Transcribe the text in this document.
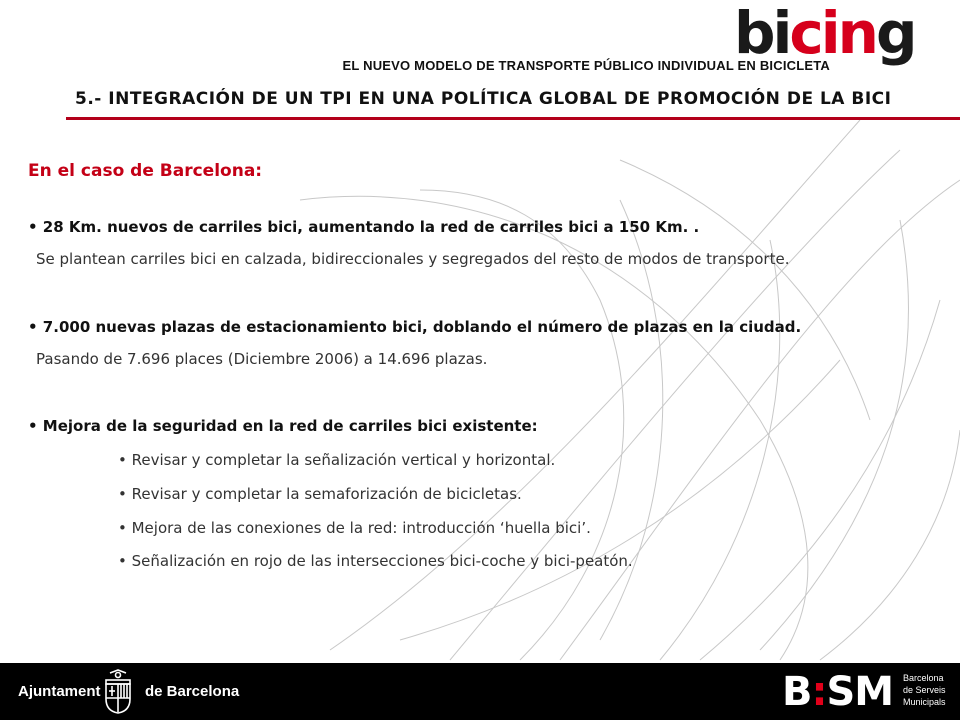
bicing
EL NUEVO MODELO DE TRANSPORTE PÚBLICO INDIVIDUAL EN BICICLETA
5.- INTEGRACIÓN DE UN TPI EN UNA POLÍTICA GLOBAL DE PROMOCIÓN DE LA BICI
En el caso de Barcelona:
• 28 Km. nuevos de carriles bici, aumentando la red de carriles bici a 150 Km. .
Se plantean carriles bici en calzada, bidireccionales y segregados del resto de modos de transporte.
• 7.000 nuevas plazas de estacionamiento bici, doblando el número de plazas en la ciudad.
Pasando de 7.696 places (Diciembre 2006) a 14.696 plazas.
• Mejora de la seguridad en la red de carriles bici existente:
• Revisar y completar la señalización vertical y horizontal.
• Revisar y completar la semaforización de bicicletas.
• Mejora de las conexiones de la red: introducción ‘huella bici’.
• Señalización en rojo de las intersecciones bici-coche y bici-peatón.
Ajuntament	de Barcelona	B:SM Barcelona
de Serveis
Municipals
